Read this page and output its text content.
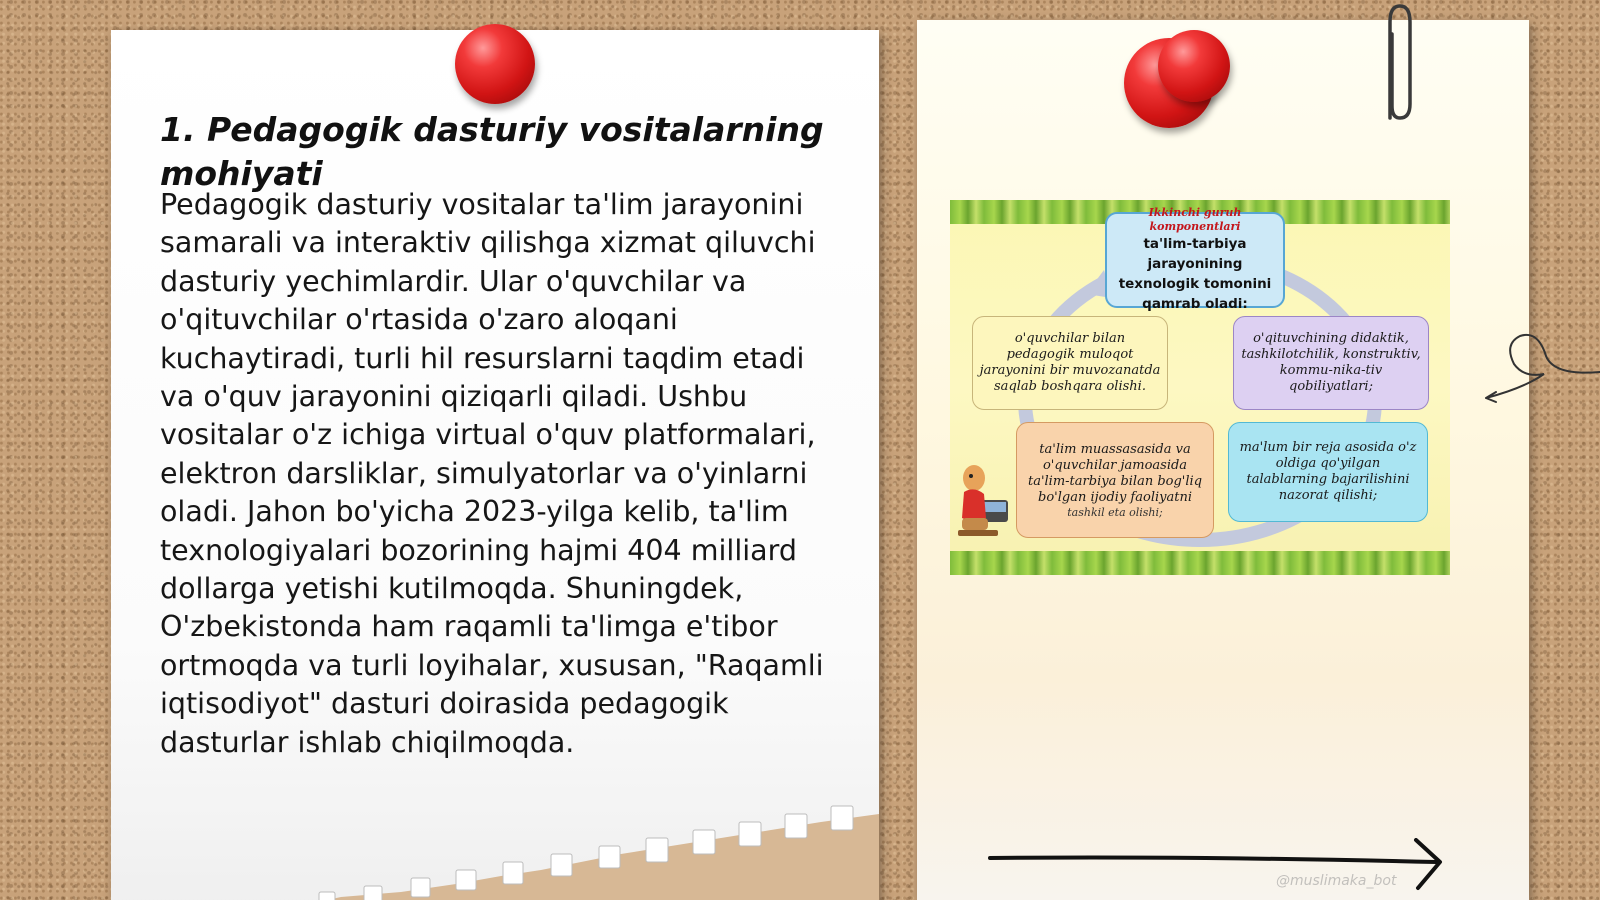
1. Pedagogik dasturiy vositalarning mohiyati
Pedagogik dasturiy vositalar ta'lim jarayonini samarali va interaktiv qilishga xizmat qiluvchi dasturiy yechimlardir. Ular o'quvchilar va o'qituvchilar o'rtasida o'zaro aloqani kuchaytiradi, turli hil resurslarni taqdim etadi va o'quv jarayonini qiziqarli qiladi. Ushbu vositalar o'z ichiga virtual o'quv platformalari, elektron darsliklar, simulyatorlar va o'yinlarni oladi. Jahon bo'yicha 2023-yilga kelib, ta'lim texnologiyalari bozorining hajmi 404 milliard dollarga yetishi kutilmoqda. Shuningdek, O'zbekistonda ham raqamli ta'limga e'tibor ortmoqda va turli loyihalar, xususan, "Raqamli iqtisodiyot" dasturi doirasida pedagogik dasturlar ishlab chiqilmoqda.
Ikkinchi guruh komponentlari
ta'lim-tarbiya jarayonining texnologik tomonini qamrab oladi:
o'quvchilar bilan pedagogik muloqot jarayonini bir muvozanatda saqlab boshqara olishi.
o'qituvchining didaktik, tashkilotchilik, konstruktiv, kommu-nika-tiv qobiliyatlari;
ta'lim muassasasida va o'quvchilar jamoasida ta'lim-tarbiya bilan bog'liq bo'lgan ijodiy faoliyatni
tashkil eta olishi;
ma'lum bir reja asosida o'z oldiga qo'yilgan talablarning bajarilishini nazorat qilishi;
@muslimaka_bot
